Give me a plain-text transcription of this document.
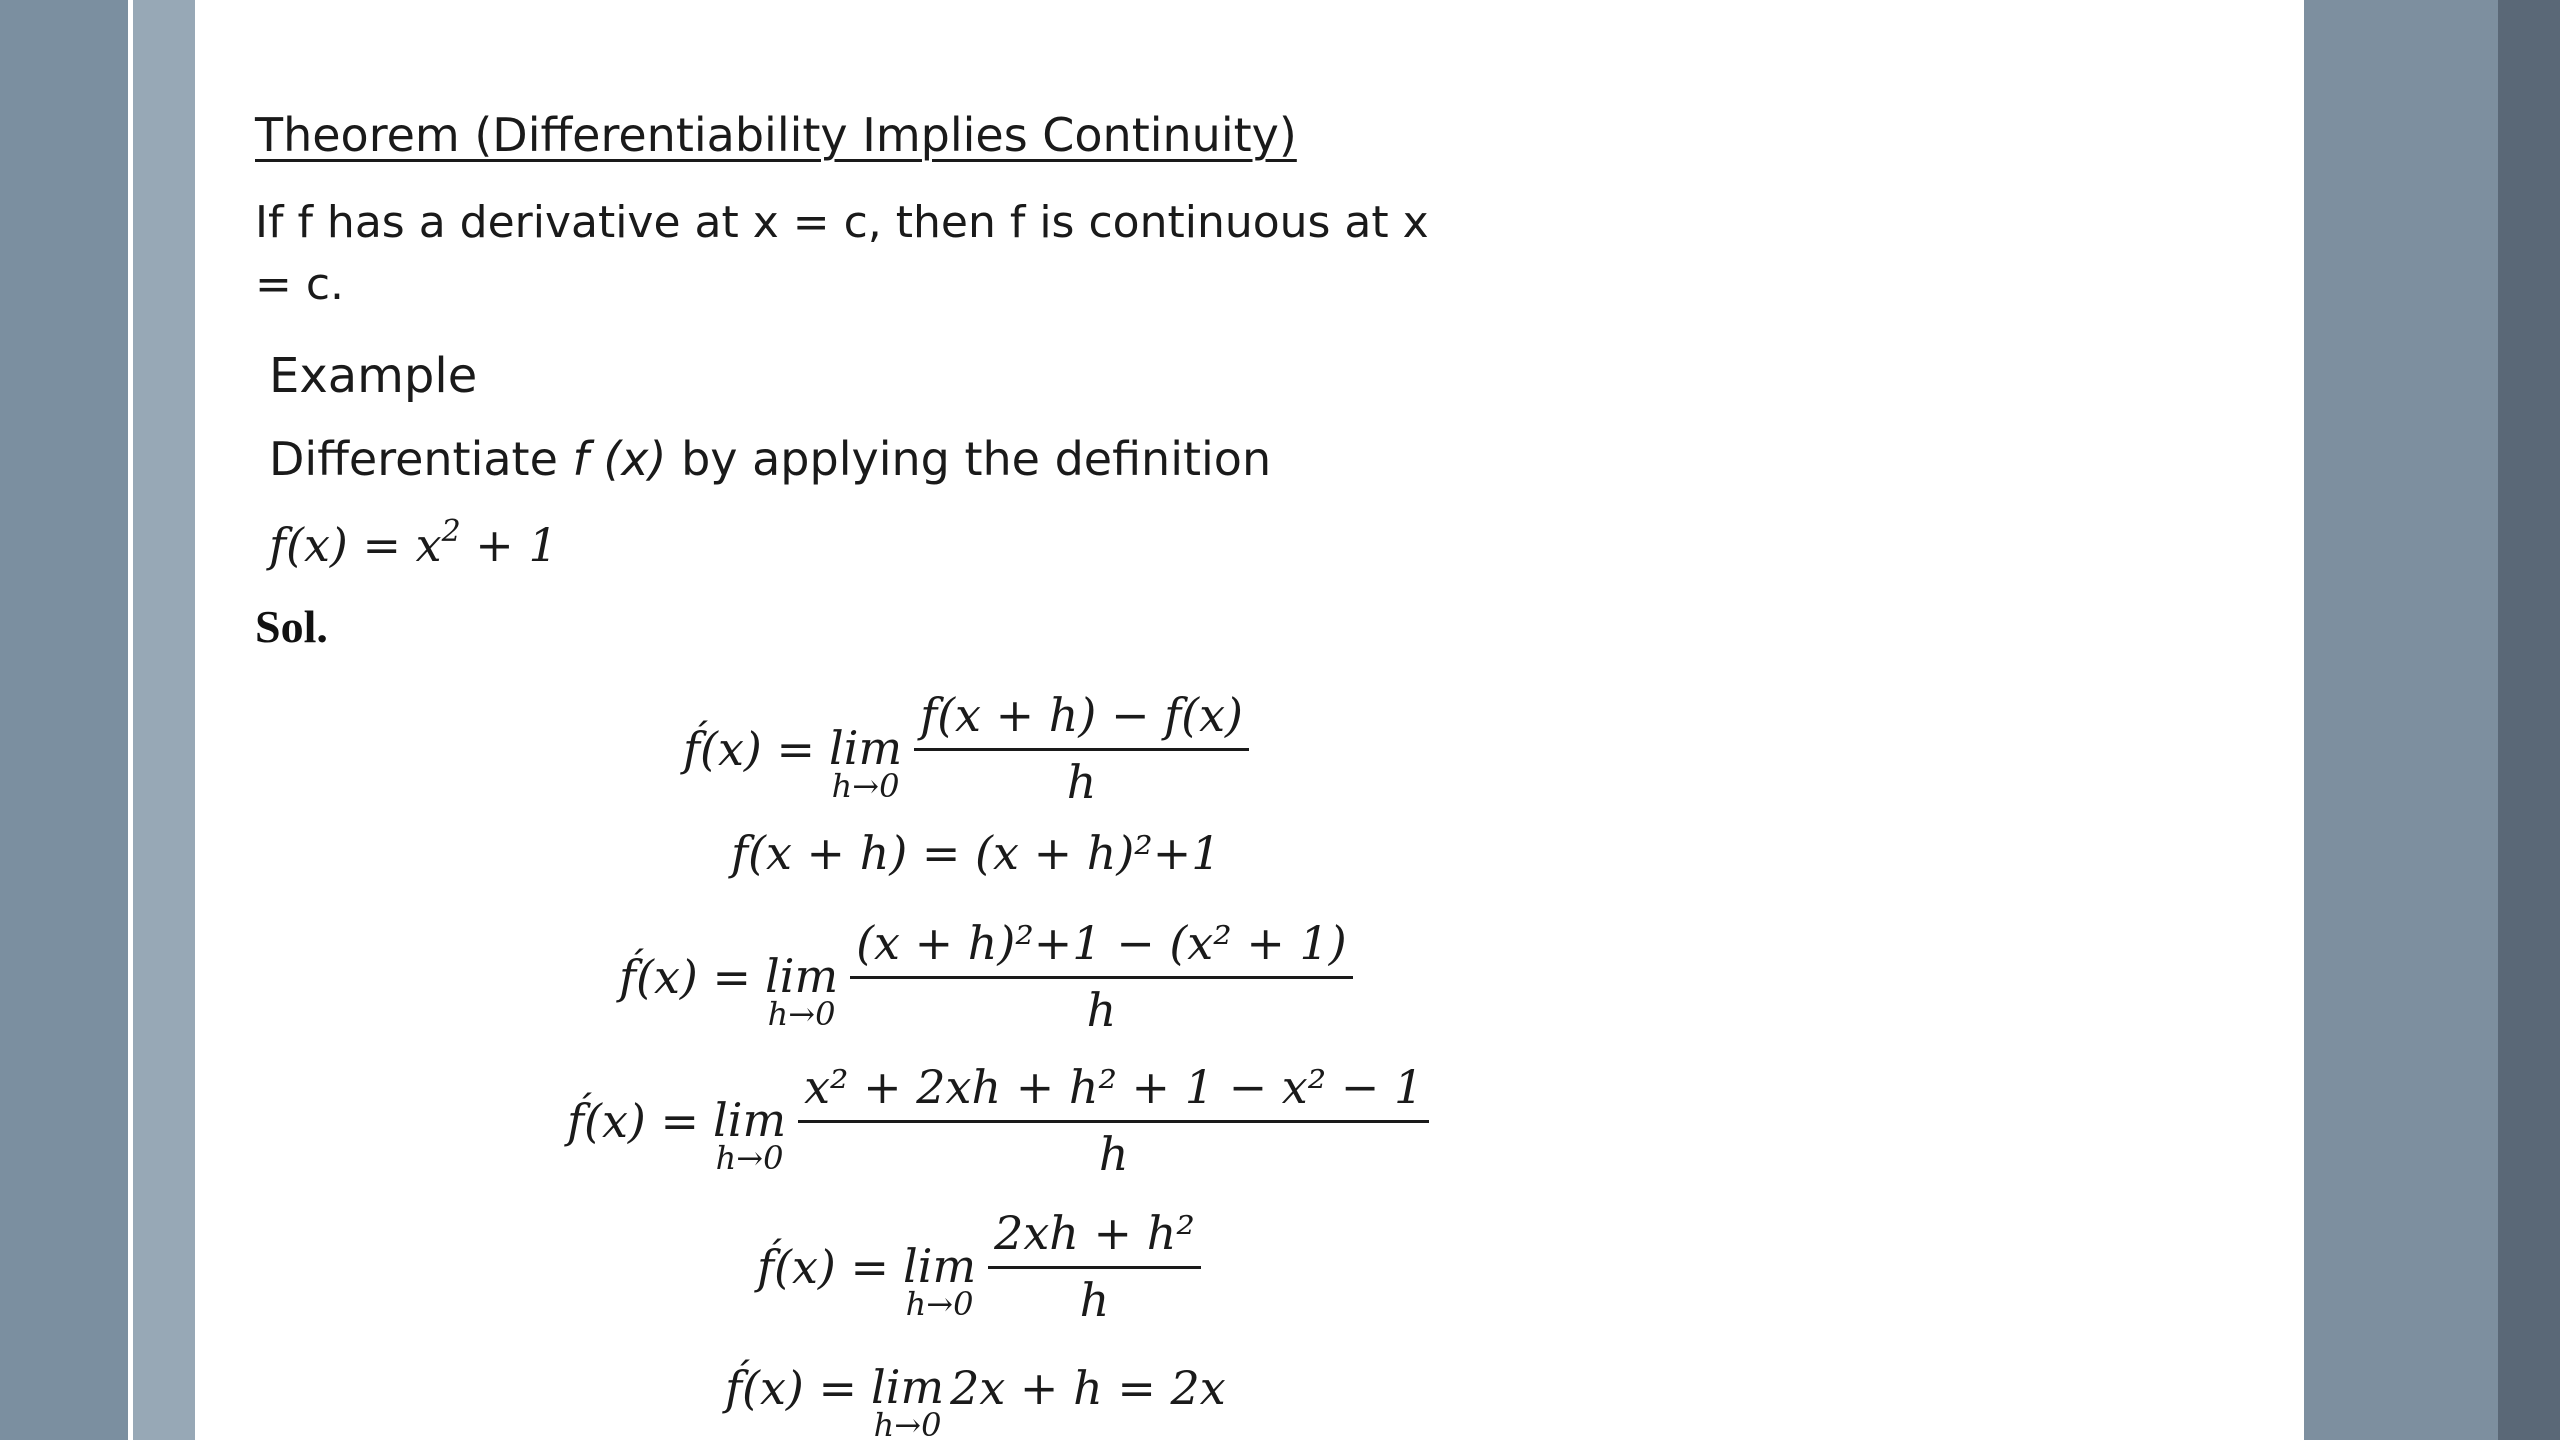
Theorem (Differentiability Implies Continuity)
If f has a derivative at x = c, then f is continuous at x = c.
Example
Differentiate f (x) by applying the definition
$f(x) = x^2 + 1$
Sol.
f́(x) = lim
$h\to 0 \frac{f(x + h) - f(x)}{h}$
f(x + h) = (x + h)²+1
f́(x) = lim
$h\to 0 \frac{\text{(x + h)²+1 − (x² + 1)}}{h}$
f́(x) = lim
$h\to 0 \frac{\text{x² + 2xh + h² + 1 − x² − 1}}{h}$
f́(x) = lim
$h\to 0 \frac{\text{2xh + h²}}{h}$
f́(x) = lim
h→0
2x + h = 2x
